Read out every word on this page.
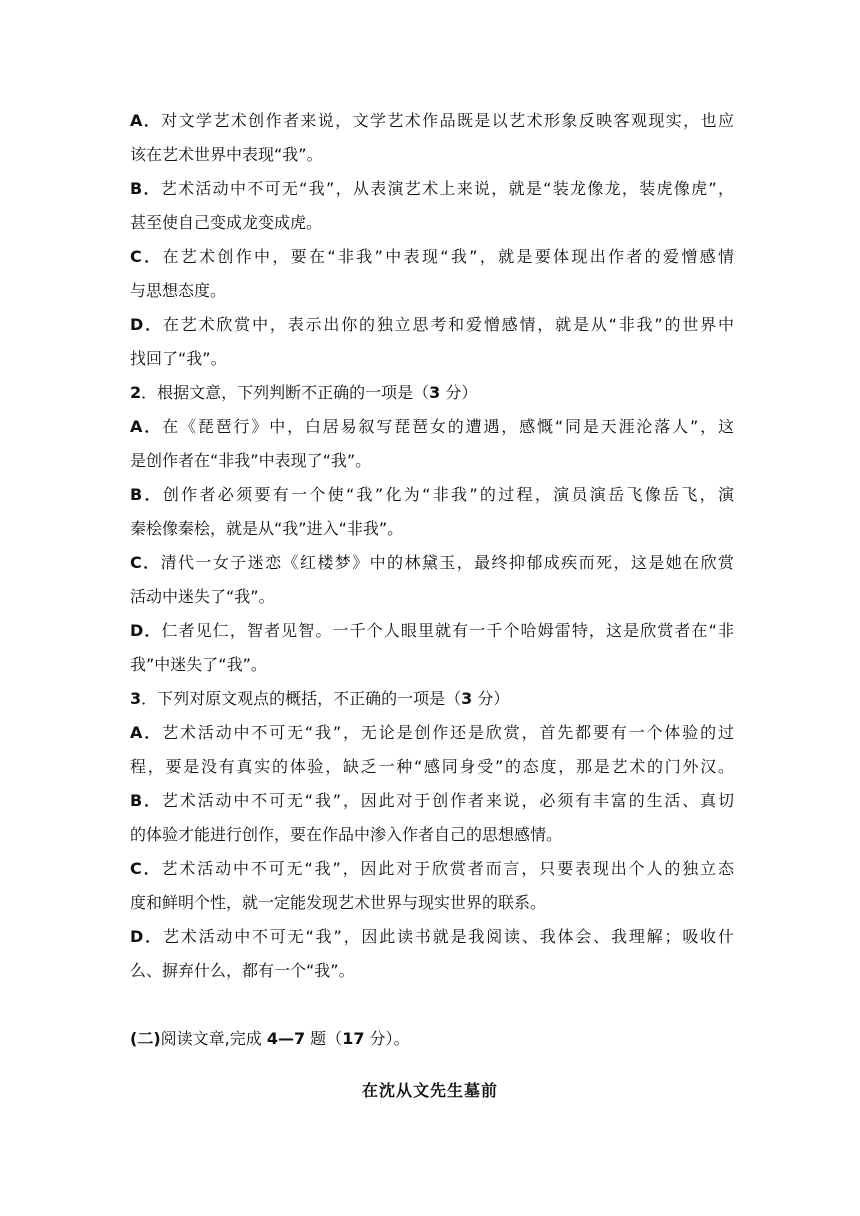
A．对文学艺术创作者来说，文学艺术作品既是以艺术形象反映客观现实，也应
该在艺术世界中表现“我”。
B．艺术活动中不可无“我”，从表演艺术上来说，就是“装龙像龙，装虎像虎”，
甚至使自己变成龙变成虎。
C．在艺术创作中，要在“非我”中表现“我”，就是要体现出作者的爱憎感情
与思想态度。
D．在艺术欣赏中，表示出你的独立思考和爱憎感情，就是从“非我”的世界中
找回了“我”。
2．根据文意，下列判断不正确的一项是（3 分）
A．在《琵琶行》中，白居易叙写琵琶女的遭遇，感慨“同是天涯沦落人”，这
是创作者在“非我”中表现了“我”。
B．创作者必须要有一个使“我”化为“非我”的过程，演员演岳飞像岳飞，演
秦桧像秦桧，就是从“我”进入“非我”。
C．清代一女子迷恋《红楼梦》中的林黛玉，最终抑郁成疾而死，这是她在欣赏
活动中迷失了“我”。
D．仁者见仁，智者见智。一千个人眼里就有一千个哈姆雷特，这是欣赏者在“非
我”中迷失了“我”。
3．下列对原文观点的概括，不正确的一项是（3 分）
A．艺术活动中不可无“我”，无论是创作还是欣赏，首先都要有一个体验的过
程，要是没有真实的体验，缺乏一种“感同身受”的态度，那是艺术的门外汉。
B．艺术活动中不可无“我”，因此对于创作者来说，必须有丰富的生活、真切
的体验才能进行创作，要在作品中渗入作者自己的思想感情。
C．艺术活动中不可无“我”，因此对于欣赏者而言，只要表现出个人的独立态
度和鲜明个性，就一定能发现艺术世界与现实世界的联系。
D．艺术活动中不可无“我”，因此读书就是我阅读、我体会、我理解；吸收什
么、摒弃什么，都有一个“我”。
(二)阅读文章,完成 4—7 题（17 分）。
在沈从文先生墓前
